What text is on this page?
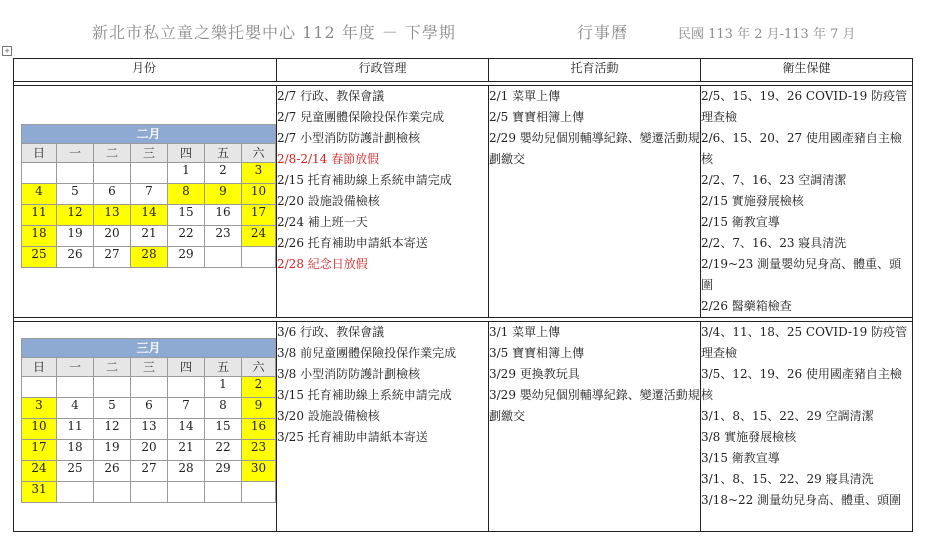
新北市私立童之樂托嬰中心 112 年度 － 下學期	行事曆	民國 113 年 2 月-113 年 7 月
+
月份	行政管理	托育活動	衛生保健

二月
日	一	二	三	四	五	六
				1	2	3
4	5	6	7	8	9	10
11	12	13	14	15	16	17
18	19	20	21	22	23	24
25	26	27	28	29		

2/7 行政、教保會議
2/7 兒童團體保險投保作業完成
2/7 小型消防防護計劃檢核
2/8-2/14 春節放假
2/15 托育補助線上系統申請完成
2/20 設施設備檢核
2/24 補上班一天
2/26 托育補助申請紙本寄送
2/28 紀念日放假

2/1 菜單上傳
2/5 寶寶相簿上傳
2/29 嬰幼兒個別輔導紀錄、變遷活動規劃繳交

2/5、15、19、26 COVID-19 防疫管理查檢
2/6、15、20、27 使用國產豬自主檢核
2/2、7、16、23 空調清潔
2/15 實施發展檢核
2/15 衛教宣導
2/2、7、16、23 寢具清洗
2/19~23 測量嬰幼兒身高、體重、頭圍
2/26 醫藥箱檢查

三月
日	一	二	三	四	五	六
					1	2
3	4	5	6	7	8	9
10	11	12	13	14	15	16
17	18	19	20	21	22	23
24	25	26	27	28	29	30
31						

3/6 行政、教保會議
3/8 前兒童團體保險投保作業完成
3/8 小型消防防護計劃檢核
3/15 托育補助線上系統申請完成
3/20 設施設備檢核
3/25 托育補助申請紙本寄送

3/1 菜單上傳
3/5 寶寶相簿上傳
3/29 更換教玩具
3/29 嬰幼兒個別輔導紀錄、變遷活動規劃繳交

3/4、11、18、25 COVID-19 防疫管理查檢
3/5、12、19、26 使用國產豬自主檢核
3/1、8、15、22、29 空調清潔
3/8 實施發展檢核
3/15 衛教宣導
3/1、8、15、22、29 寢具清洗
3/18~22 測量幼兒身高、體重、頭圍
